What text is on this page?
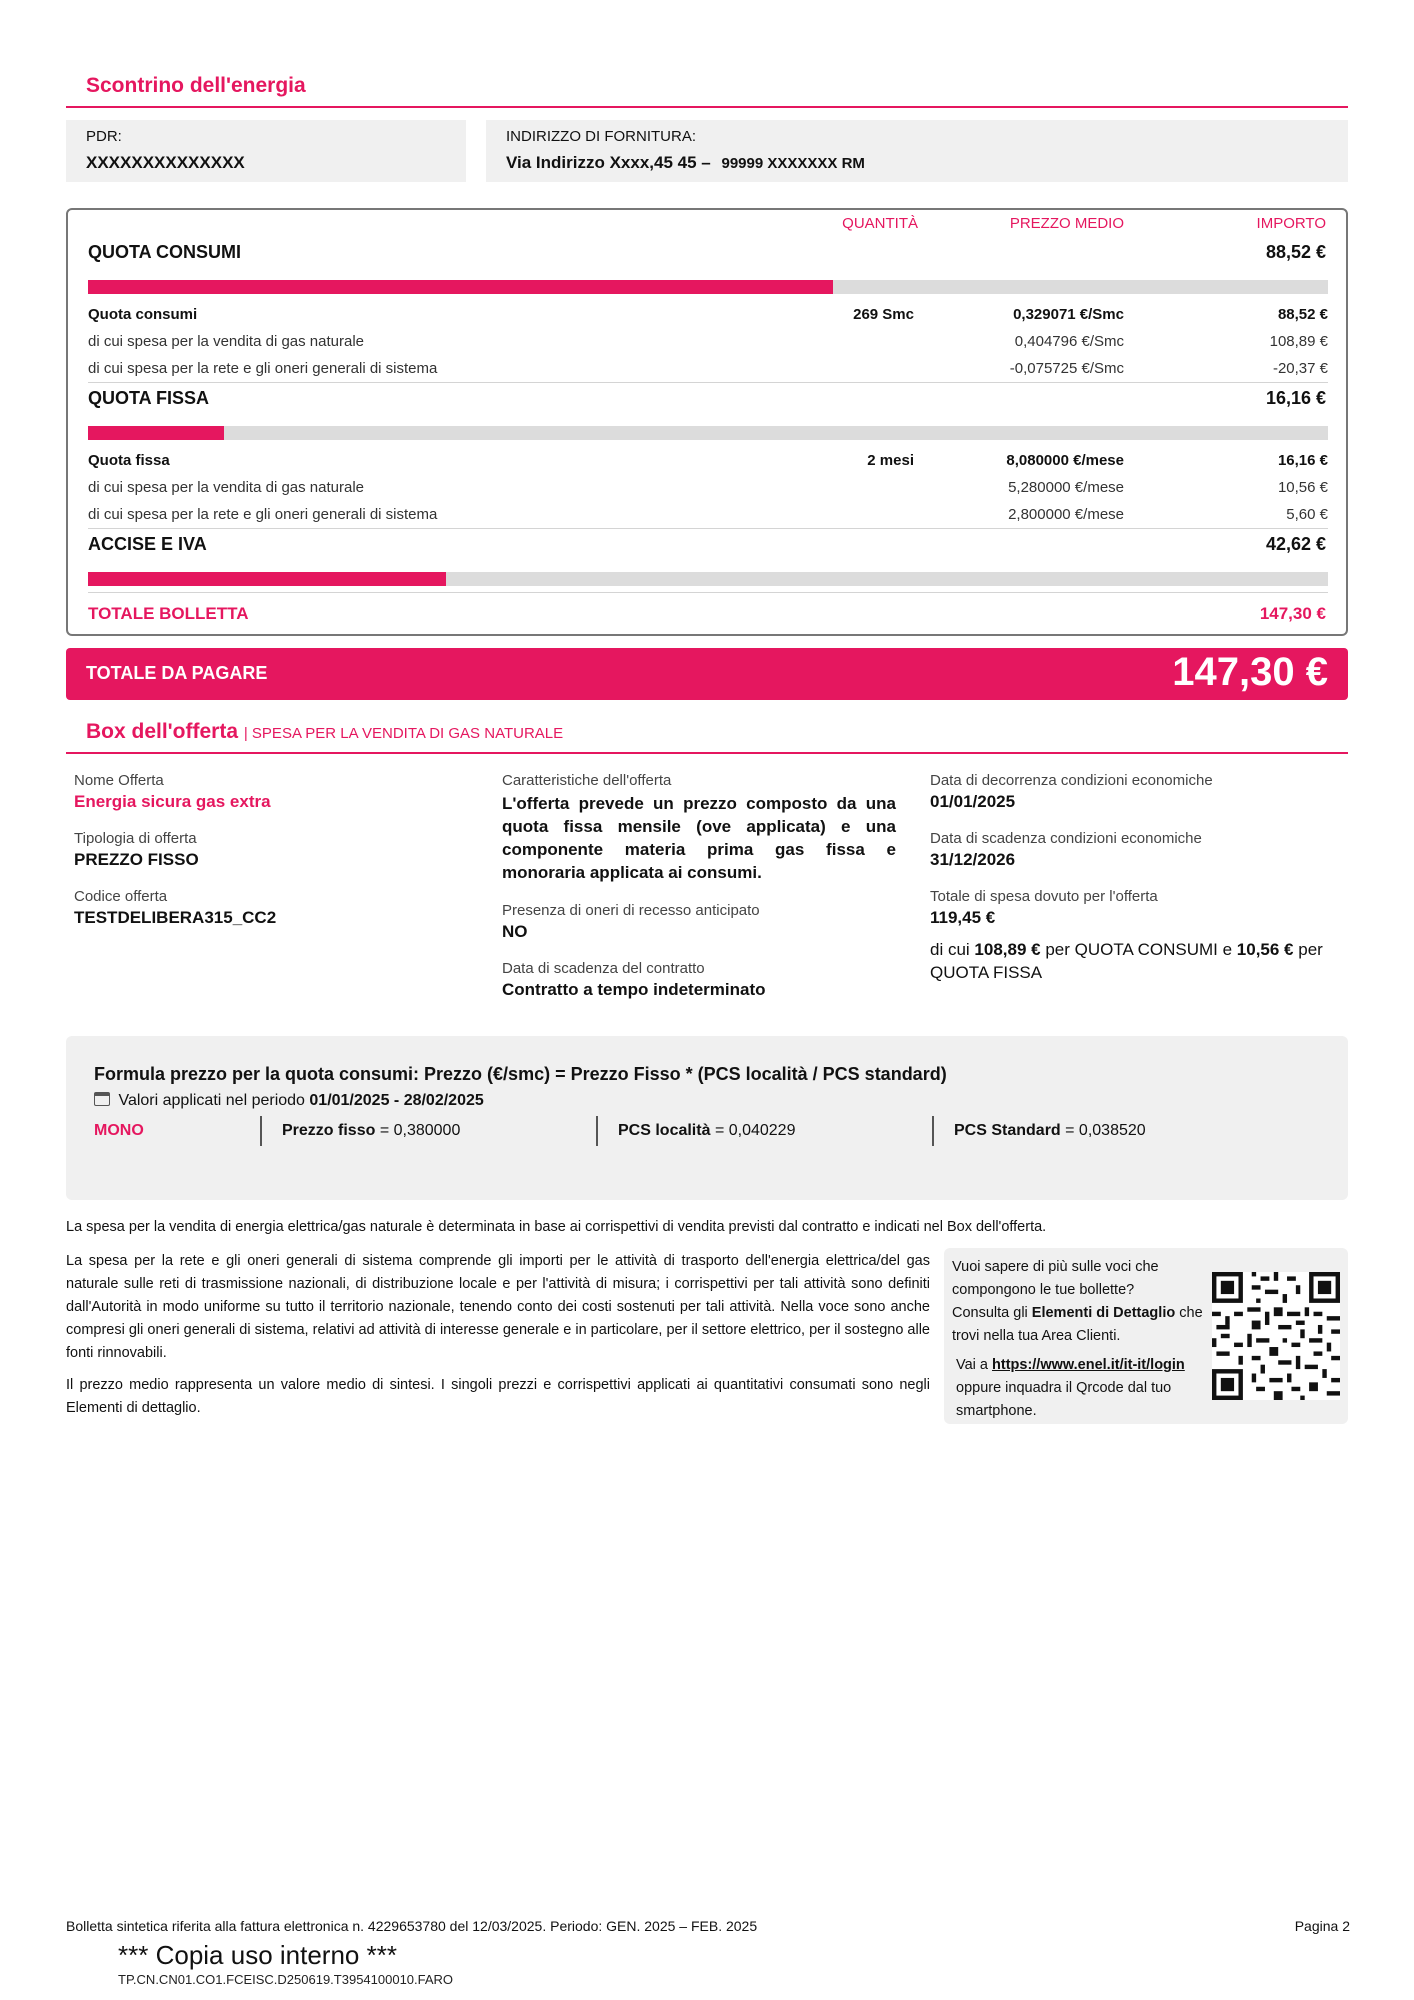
Scontrino dell'energia
PDR:
XXXXXXXXXXXXXX
INDIRIZZO DI FORNITURA:
Via Indirizzo Xxxx,45 45 – 99999 XXXXXXX RM
QUANTITÀ	PREZZO MEDIO	IMPORTO
QUOTA CONSUMI	88,52 €
Quota consumi	269 Smc	0,329071 €/Smc	88,52 €
di cui spesa per la vendita di gas naturale	0,404796 €/Smc	108,89 €
di cui spesa per la rete e gli oneri generali di sistema	-0,075725 €/Smc	-20,37 €
QUOTA FISSA	16,16 €
Quota fissa	2 mesi	8,080000 €/mese	16,16 €
di cui spesa per la vendita di gas naturale	5,280000 €/mese	10,56 €
di cui spesa per la rete e gli oneri generali di sistema	2,800000 €/mese	5,60 €
ACCISE E IVA	42,62 €
TOTALE BOLLETTA	147,30 €
TOTALE DA PAGARE	147,30 €
Box dell'offerta | SPESA PER LA VENDITA DI GAS NATURALE
Nome Offerta
Energia sicura gas extra
Tipologia di offerta
PREZZO FISSO
Codice offerta
TESTDELIBERA315_CC2
Caratteristiche dell'offerta
L'offerta prevede un prezzo composto da una quota fissa mensile (ove applicata) e una componente materia prima gas fissa e monoraria applicata ai consumi.
Presenza di oneri di recesso anticipato
NO
Data di scadenza del contratto
Contratto a tempo indeterminato
Data di decorrenza condizioni economiche
01/01/2025
Data di scadenza condizioni economiche
31/12/2026
Totale di spesa dovuto per l'offerta
119,45 €
di cui 108,89 € per QUOTA CONSUMI e 10,56 € per QUOTA FISSA
Formula prezzo per la quota consumi: Prezzo (€/smc) = Prezzo Fisso * (PCS località / PCS standard)
Valori applicati nel periodo 01/01/2025 - 28/02/2025
MONO	Prezzo fisso = 0,380000	PCS località = 0,040229	PCS Standard = 0,038520
La spesa per la vendita di energia elettrica/gas naturale è determinata in base ai corrispettivi di vendita previsti dal contratto e indicati nel Box dell'offerta.
La spesa per la rete e gli oneri generali di sistema comprende gli importi per le attività di trasporto dell'energia elettrica/del gas naturale sulle reti di trasmissione nazionali, di distribuzione locale e per l'attività di misura; i corrispettivi per tali attività sono definiti dall'Autorità in modo uniforme su tutto il territorio nazionale, tenendo conto dei costi sostenuti per tali attività. Nella voce sono anche compresi gli oneri generali di sistema, relativi ad attività di interesse generale e in particolare, per il settore elettrico, per il sostegno alle fonti rinnovabili.
Il prezzo medio rappresenta un valore medio di sintesi. I singoli prezzi e corrispettivi applicati ai quantitativi consumati sono negli Elementi di dettaglio.
Vuoi sapere di più sulle voci che compongono le tue bollette?
Consulta gli Elementi di Dettaglio che trovi nella tua Area Clienti.
Vai a https://www.enel.it/it-it/login oppure inquadra il Qrcode dal tuo smartphone.
Bolletta sintetica riferita alla fattura elettronica n. 4229653780 del 12/03/2025. Periodo: GEN. 2025 – FEB. 2025	Pagina 2
*** Copia uso interno ***
TP.CN.CN01.CO1.FCEISC.D250619.T3954100010.FARO
